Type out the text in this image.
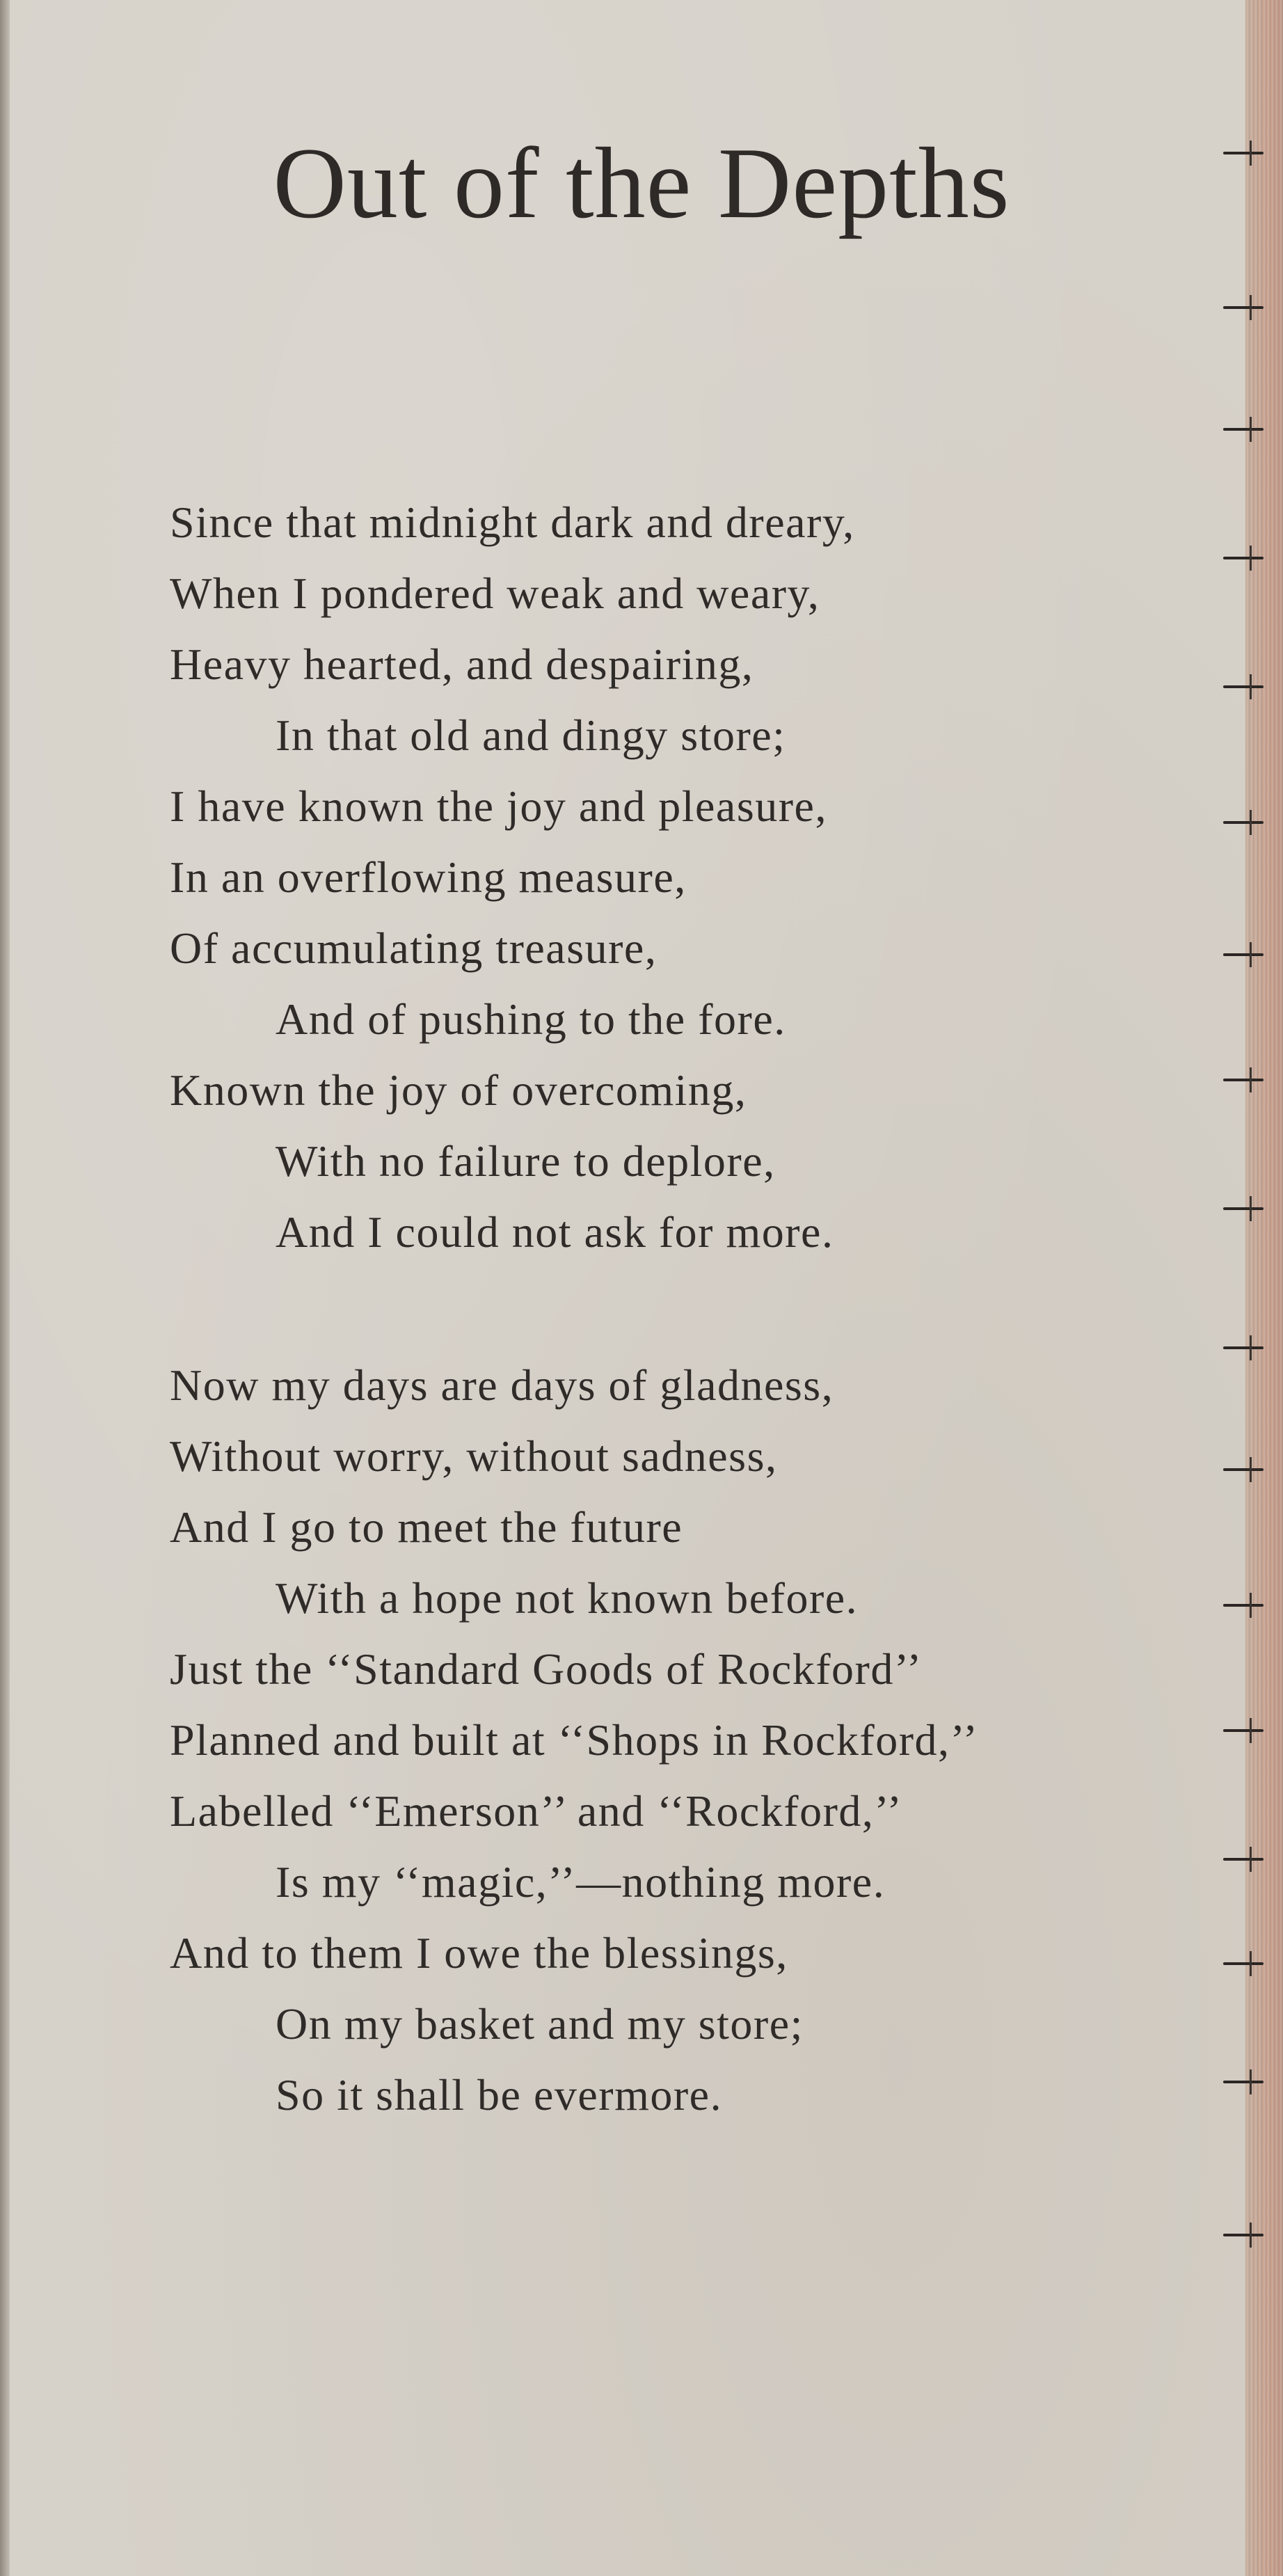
Out of the Depths
Since that midnight dark and dreary,
When I pondered weak and weary,
Heavy hearted, and despairing,
In that old and dingy store;
I have known the joy and pleasure,
In an overflowing measure,
Of accumulating treasure,
And of pushing to the fore.
Known the joy of overcoming,
With no failure to deplore,
And I could not ask for more.
Now my days are days of gladness,
Without worry, without sadness,
And I go to meet the future
With a hope not known before.
Just the ‘‘Standard Goods of Rockford’’
Planned and built at ‘‘Shops in Rockford,’’
Labelled ‘‘Emerson’’ and ‘‘Rockford,’’
Is my ‘‘magic,’’—nothing more.
And to them I owe the blessings,
On my basket and my store;
So it shall be evermore.
